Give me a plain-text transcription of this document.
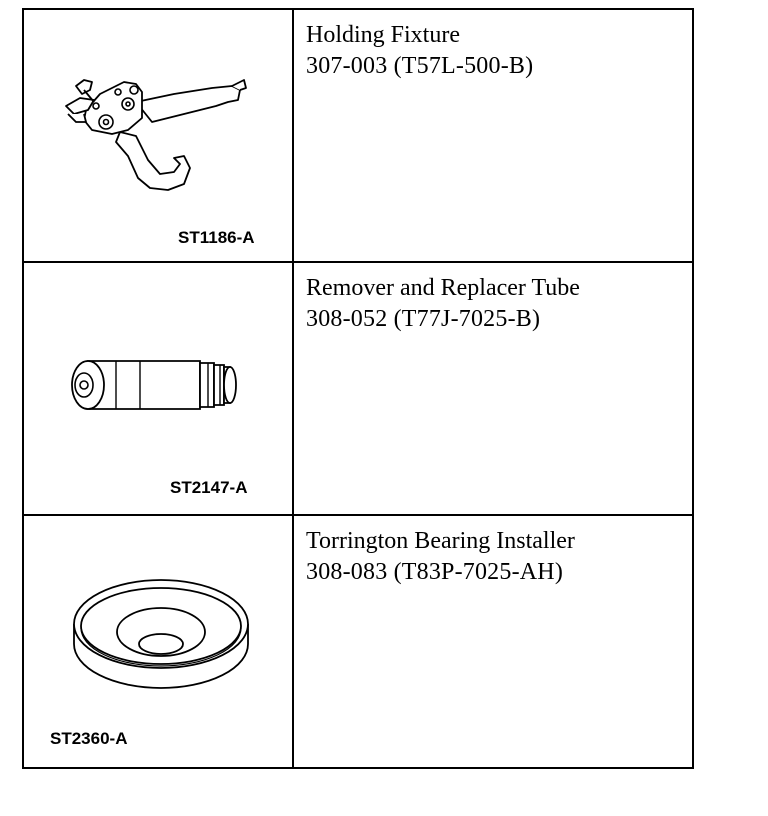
ST1186-A	Holding Fixture
307-003 (T57L-500-B)

ST2147-A	Remover and Replacer Tube
308-052 (T77J-7025-B)

ST2360-A	Torrington Bearing Installer
308-083 (T83P-7025-AH)
